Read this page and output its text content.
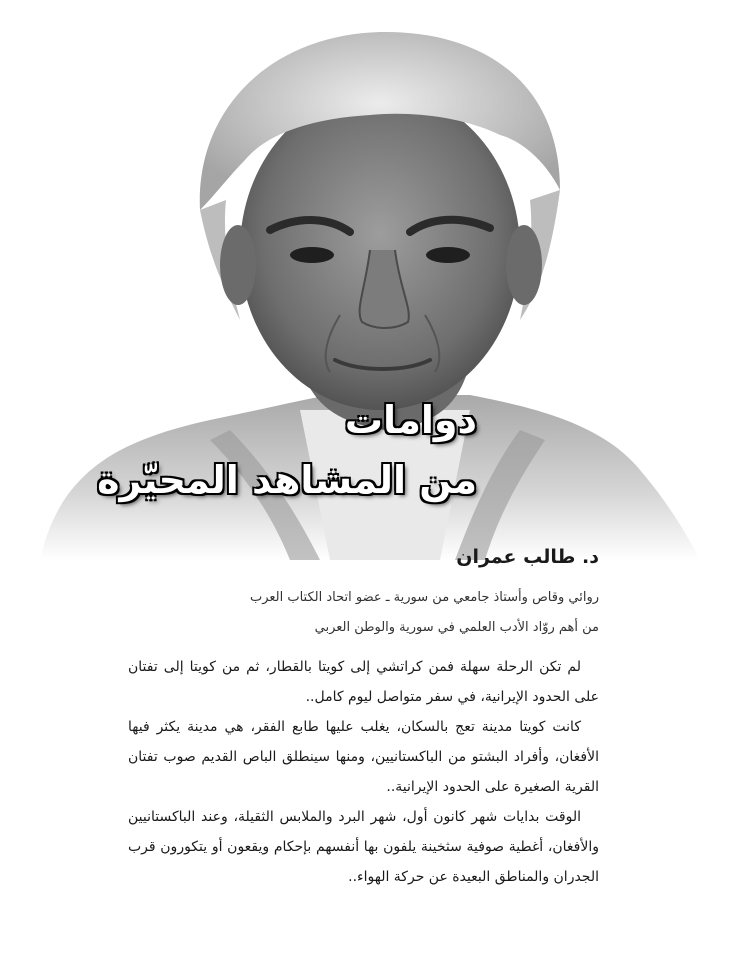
دوامات
من المشاهد المحيّرة
د. طالب عمران
روائي وقاص وأستاذ جامعي من سورية ـ عضو اتحاد الكتاب العرب
من أهم روّاد الأدب العلمي في سورية والوطن العربي

لم تكن الرحلة سهلة فمن كراتشي إلى كويتا بالقطار، ثم من كويتا إلى تفتان على الحدود الإيرانية، في سفر متواصل ليوم كامل..

كانت كويتا مدينة تعج بالسكان، يغلب عليها طابع الفقر، هي مدينة يكثر فيها الأفغان، وأفراد البشتو من الباكستانيين، ومنها سينطلق الباص القديم صوب تفتان القرية الصغيرة على الحدود الإيرانية..

الوقت بدايات شهر كانون أول، شهر البرد والملابس الثقيلة، وعند الباكستانيين والأفغان، أغطية صوفية سثخينة يلفون بها أنفسهم بإحكام ويقعون أو يتكورون قرب الجدران والمناطق البعيدة عن حركة الهواء..
